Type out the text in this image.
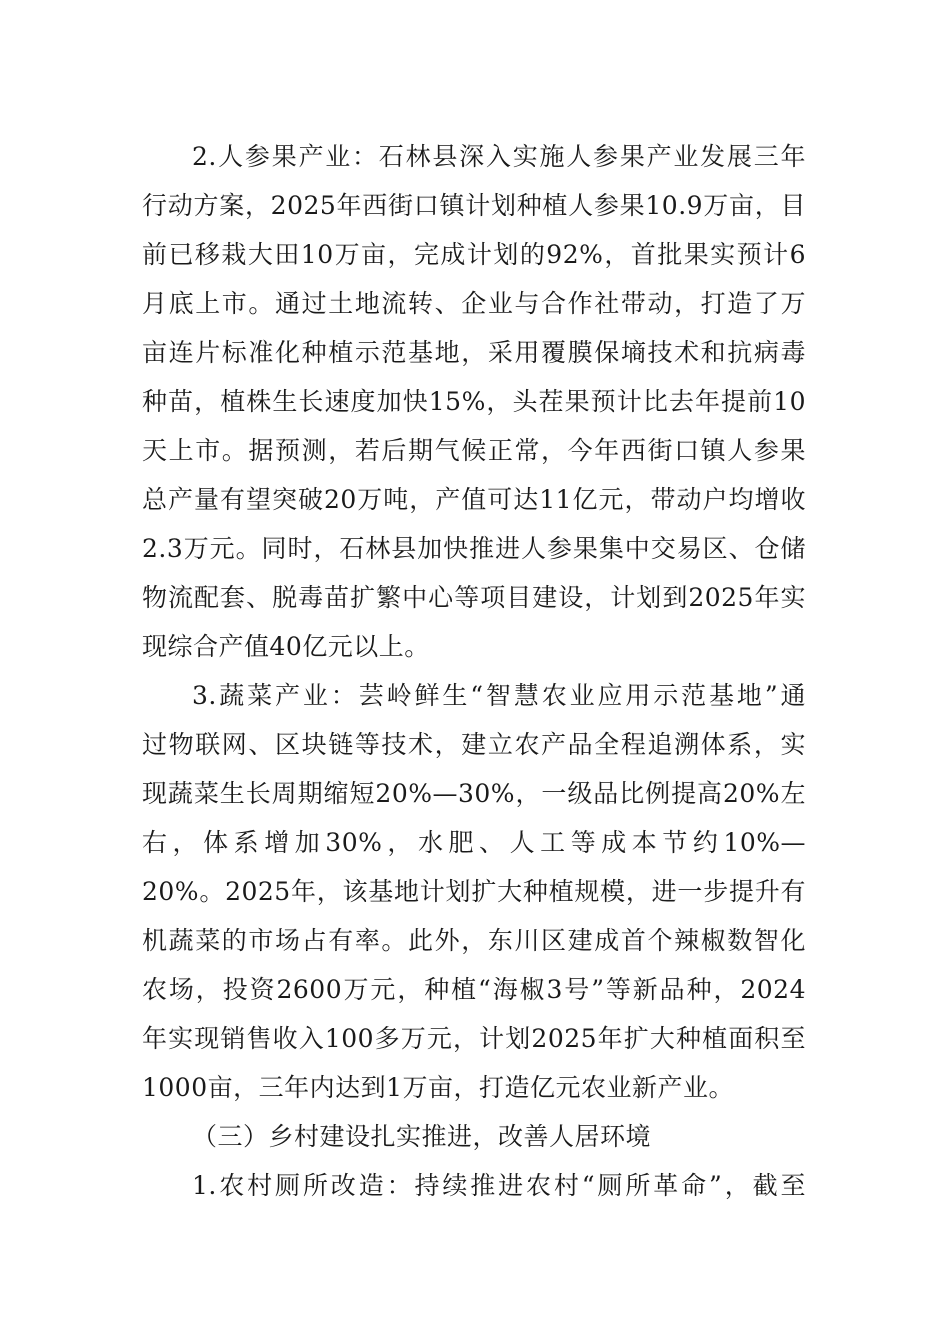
2.人参果产业：石林县深入实施人参果产业发展三年
行动方案，2025年西街口镇计划种植人参果10.9万亩，目
前已移栽大田10万亩，完成计划的92%，首批果实预计6
月底上市。通过土地流转、企业与合作社带动，打造了万
亩连片标准化种植示范基地，采用覆膜保墒技术和抗病毒
种苗，植株生长速度加快15%，头茬果预计比去年提前10
天上市。据预测，若后期气候正常，今年西街口镇人参果
总产量有望突破20万吨，产值可达11亿元，带动户均增收
2.3万元。同时，石林县加快推进人参果集中交易区、仓储
物流配套、脱毒苗扩繁中心等项目建设，计划到2025年实
现综合产值40亿元以上。
3.蔬菜产业：芸岭鲜生“智慧农业应用示范基地”通
过物联网、区块链等技术，建立农产品全程追溯体系，实
现蔬菜生长周期缩短20%—30%，一级品比例提高20%左
右，体系增加30%，水肥、人工等成本节约10%—
20%。2025年，该基地计划扩大种植规模，进一步提升有
机蔬菜的市场占有率。此外，东川区建成首个辣椒数智化
农场，投资2600万元，种植“海椒3号”等新品种，2024
年实现销售收入100多万元，计划2025年扩大种植面积至
1000亩，三年内达到1万亩，打造亿元农业新产业。
（三）乡村建设扎实推进，改善人居环境
1.农村厕所改造：持续推进农村“厕所革命”，截至
